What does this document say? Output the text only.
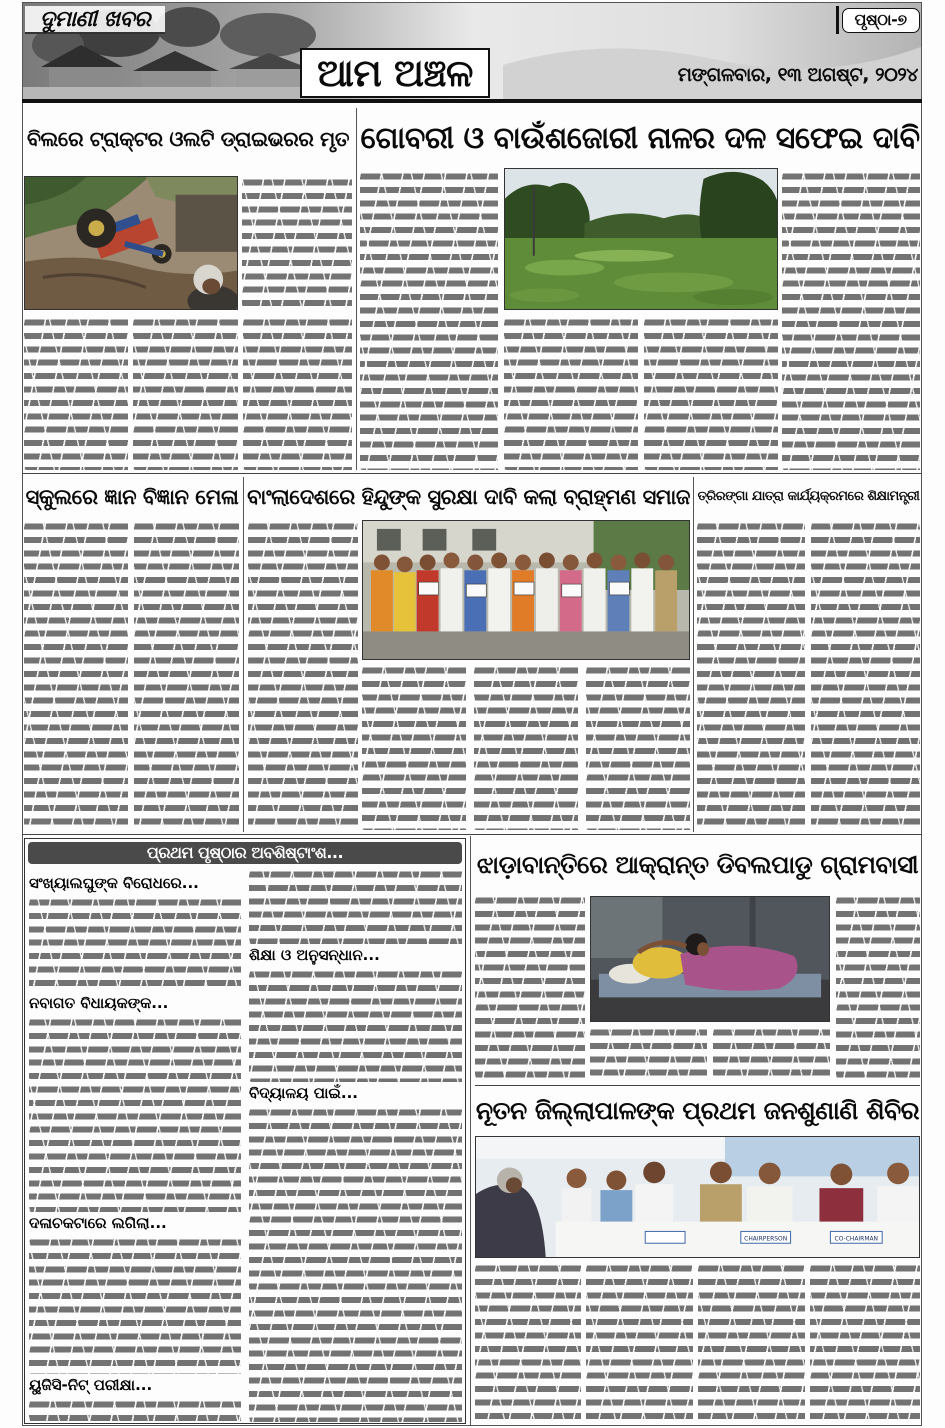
ଦୁମାଣୀ ଖବର
ଆମ ଅଞ୍ଚଳ
ପୃଷ୍ଠା-୭
ମଙ୍ଗଳବାର, ୧୩ ଅଗଷ୍ଟ, ୨୦୨୪
ବିଲରେ ଟ୍ରାକ୍ଟର ଓଲଟି ଡ୍ରାଇଭରର ମୃତ ଗୋବରୀ ଓ ବାଉଁଶଜୋରୀ ନାଳର ଦଳ ସଫେଇ ଦାବି
ସ୍କୁଲରେ ଜ୍ଞାନ ବିଜ୍ଞାନ ମେଳା ବାଂଲାଦେଶରେ ହିନ୍ଦୁଙ୍କ ସୁରକ୍ଷା ଦାବି କଲା ବ୍ରାହ୍ମଣ ସମାଜ ତ୍ରିରଙ୍ଗା ଯାତ୍ରା କାର୍ଯ୍ୟକ୍ରମରେ ଶିକ୍ଷାମନ୍ତ୍ରୀ
ପ୍ରଥମ ପୃଷ୍ଠାର ଅବଶିଷ୍ଟାଂଶ...
ସଂଖ୍ୟାଲଘୁଙ୍କ ବିରୋଧରେ...
ନବାଗତ ବିଧାୟକଙ୍କ...
ଦଳାଚକଟାରେ ଲଗିଲା...
ୟୁଜିସି-ନିଟ୍ ପରୀକ୍ଷା...
ଶିକ୍ଷା ଓ ଅନୁସନ୍ଧାନ...
ବିଦ୍ୟାଳୟ ପାଇଁ...
ଝାଡ଼ାବାନ୍ତିରେ ଆକ୍ରାନ୍ତ ଡିବଲପାଡୁ ଗ୍ରାମବାସୀ
ନୂତନ ଜିଲ୍ଲାପାଳଙ୍କ ପ୍ରଥମ ଜନଶୁଣାଣି ଶିବିର
CHAIRPERSON	CO-CHAIRMAN
